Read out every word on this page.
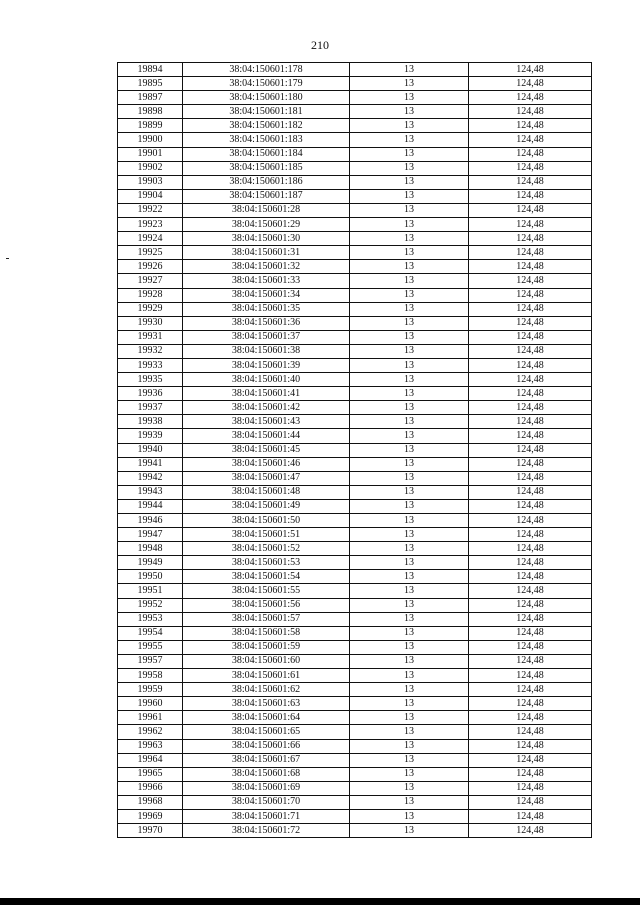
210
19894	38:04:150601:178	13	124,48
19895	38:04:150601:179	13	124,48
19897	38:04:150601:180	13	124,48
19898	38:04:150601:181	13	124,48
19899	38:04:150601:182	13	124,48
19900	38:04:150601:183	13	124,48
19901	38:04:150601:184	13	124,48
19902	38:04:150601:185	13	124,48
19903	38:04:150601:186	13	124,48
19904	38:04:150601:187	13	124,48
19922	38:04:150601:28	13	124,48
19923	38:04:150601:29	13	124,48
19924	38:04:150601:30	13	124,48
19925	38:04:150601:31	13	124,48
19926	38:04:150601:32	13	124,48
19927	38:04:150601:33	13	124,48
19928	38:04:150601:34	13	124,48
19929	38:04:150601:35	13	124,48
19930	38:04:150601:36	13	124,48
19931	38:04:150601:37	13	124,48
19932	38:04:150601:38	13	124,48
19933	38:04:150601:39	13	124,48
19935	38:04:150601:40	13	124,48
19936	38:04:150601:41	13	124,48
19937	38:04:150601:42	13	124,48
19938	38:04:150601:43	13	124,48
19939	38:04:150601:44	13	124,48
19940	38:04:150601:45	13	124,48
19941	38:04:150601:46	13	124,48
19942	38:04:150601:47	13	124,48
19943	38:04:150601:48	13	124,48
19944	38:04:150601:49	13	124,48
19946	38:04:150601:50	13	124,48
19947	38:04:150601:51	13	124,48
19948	38:04:150601:52	13	124,48
19949	38:04:150601:53	13	124,48
19950	38:04:150601:54	13	124,48
19951	38:04:150601:55	13	124,48
19952	38:04:150601:56	13	124,48
19953	38:04:150601:57	13	124,48
19954	38:04:150601:58	13	124,48
19955	38:04:150601:59	13	124,48
19957	38:04:150601:60	13	124,48
19958	38:04:150601:61	13	124,48
19959	38:04:150601:62	13	124,48
19960	38:04:150601:63	13	124,48
19961	38:04:150601:64	13	124,48
19962	38:04:150601:65	13	124,48
19963	38:04:150601:66	13	124,48
19964	38:04:150601:67	13	124,48
19965	38:04:150601:68	13	124,48
19966	38:04:150601:69	13	124,48
19968	38:04:150601:70	13	124,48
19969	38:04:150601:71	13	124,48
19970	38:04:150601:72	13	124,48
